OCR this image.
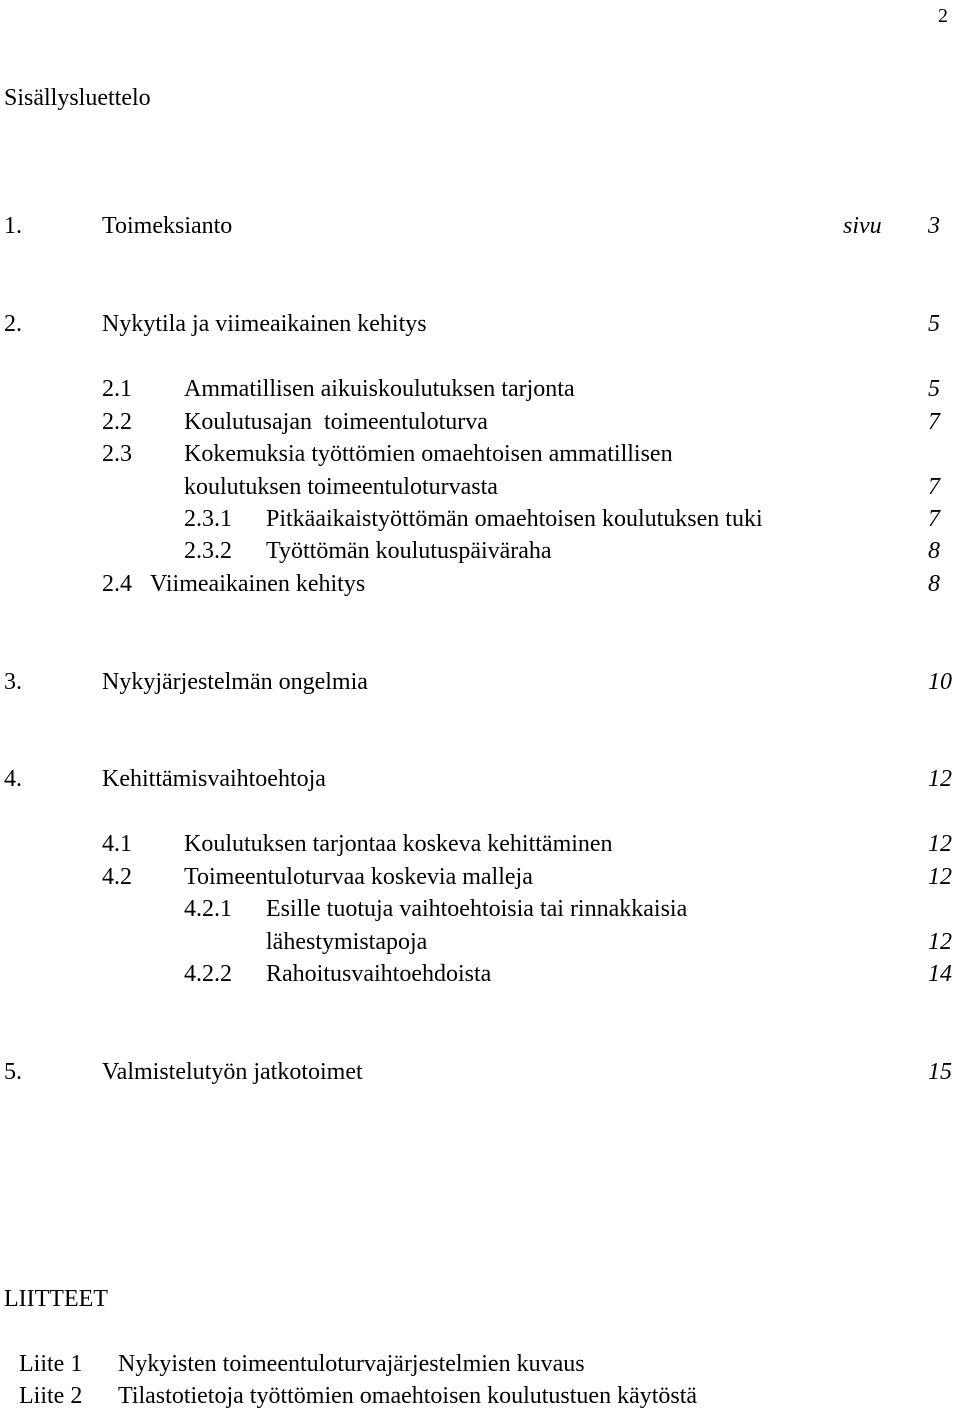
2
Sisällysluettelo
1.	Toimeksianto	sivu 3
2.	Nykytila ja viimeaikainen kehitys	5
2.1 Ammatillisen aikuiskoulutuksen tarjonta	5
2.2 Koulutusajan  toimeentuloturva	7
2.3 Kokemuksia työttömien omaehtoisen ammatillisen
koulutuksen toimeentuloturvasta	7
2.3.1 Pitkäaikaistyöttömän omaehtoisen koulutuksen tuki	7
2.3.2 Työttömän koulutuspäiväraha	8
2.4 Viimeaikainen kehitys	8
3.	Nykyjärjestelmän ongelmia	10
4.	Kehittämisvaihtoehtoja	12
4.1 Koulutuksen tarjontaa koskeva kehittäminen	12
4.2 Toimeentuloturvaa koskevia malleja	12
4.2.1 Esille tuotuja vaihtoehtoisia tai rinnakkaisia
lähestymistapoja	12
4.2.2 Rahoitusvaihtoehdoista	14
5.	Valmistelutyön jatkotoimet	15
LIITTEET
Liite 1 Nykyisten toimeentuloturvajärjestelmien kuvaus
Liite 2 Tilastotietoja työttömien omaehtoisen koulutustuen käytöstä
